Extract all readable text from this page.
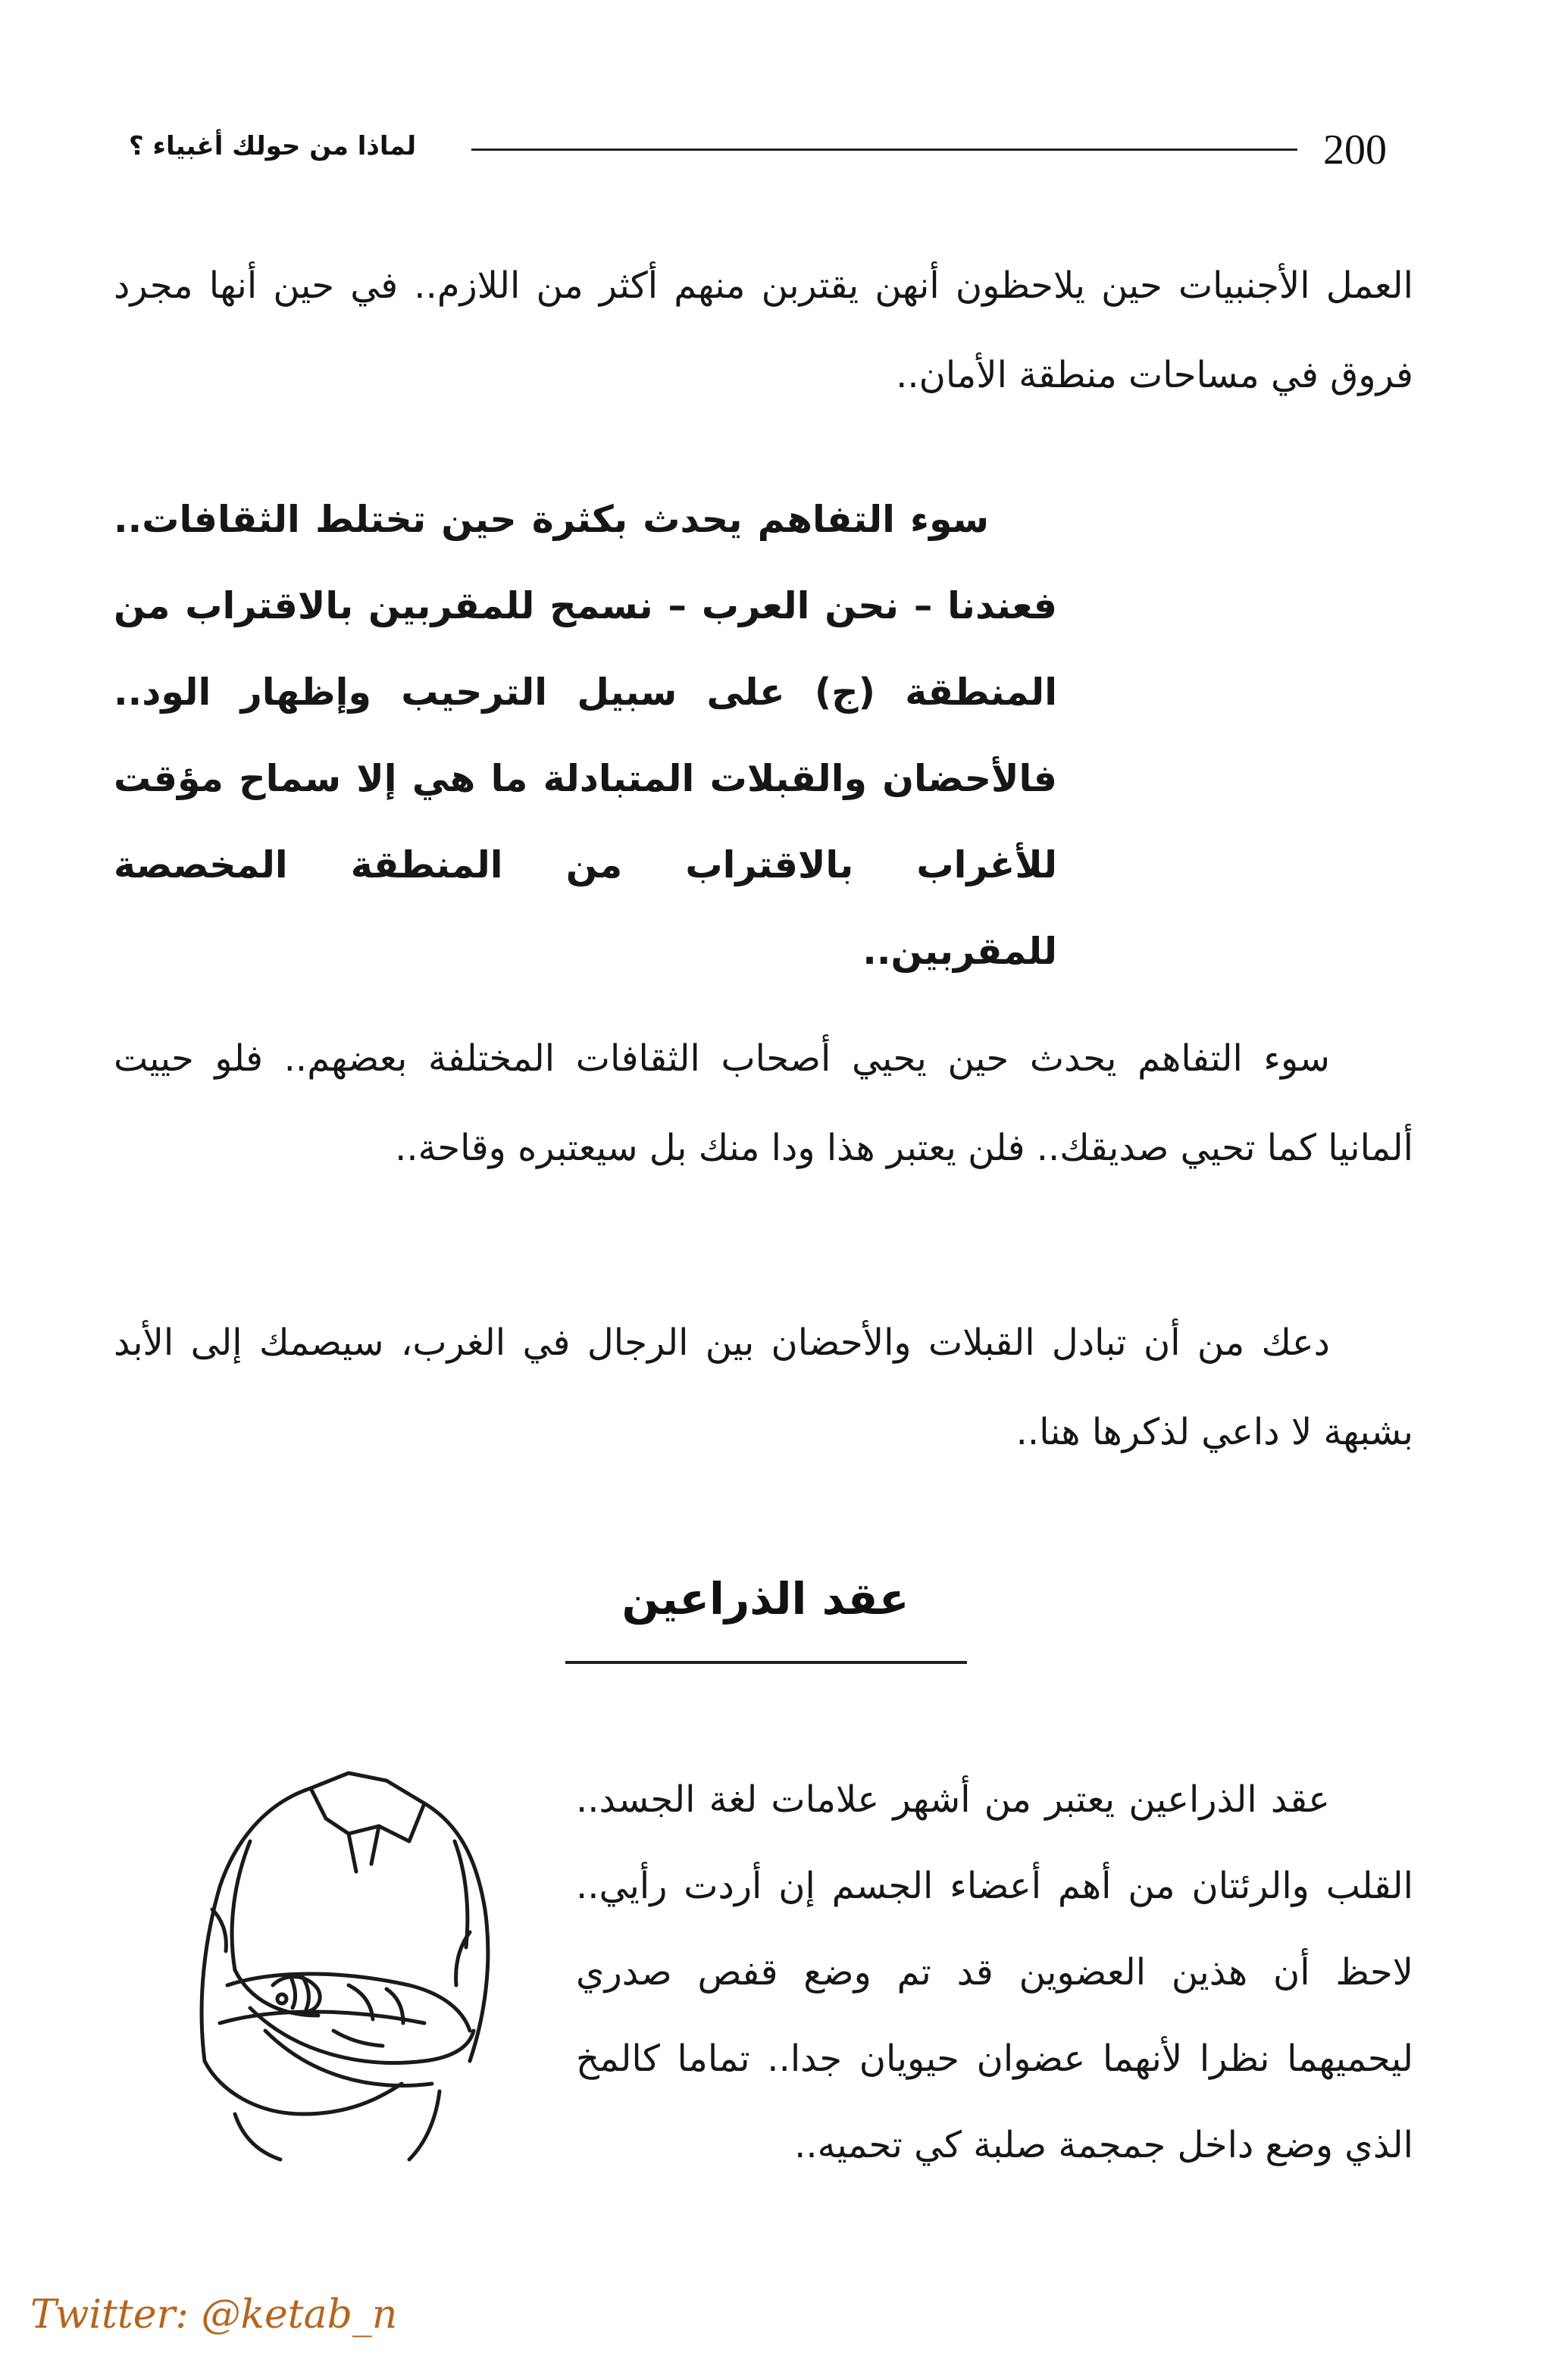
200
لماذا من حولك أغبياء ؟

العمل الأجنبيات حين يلاحظون أنهن يقتربن منهم أكثر من اللازم.. في حين أنها مجرد فروق في مساحات منطقة الأمان..

سوء التفاهم يحدث بكثرة حين تختلط الثقافات.. فعندنا – نحن العرب – نسمح للمقربين بالاقتراب من المنطقة (ج) على سبيل الترحيب وإظهار الود.. فالأحضان والقبلات المتبادلة ما هي إلا سماح مؤقت للأغراب بالاقتراب من المنطقة المخصصة للمقربين..

سوء التفاهم يحدث حين يحيي أصحاب الثقافات المختلفة بعضهم.. فلو حييت ألمانيا كما تحيي صديقك.. فلن يعتبر هذا ودا منك بل سيعتبره وقاحة..

دعك من أن تبادل القبلات والأحضان بين الرجال في الغرب، سيصمك إلى الأبد بشبهة لا داعي لذكرها هنا..

عقد الذراعين

عقد الذراعين يعتبر من أشهر علامات لغة الجسد.. القلب والرئتان من أهم أعضاء الجسم إن أردت رأيي.. لاحظ أن هذين العضوين قد تم وضع قفص صدري ليحميهما نظرا لأنهما عضوان حيويان جدا.. تماما كالمخ الذي وضع داخل جمجمة صلبة كي تحميه..

Twitter: @ketab_n
